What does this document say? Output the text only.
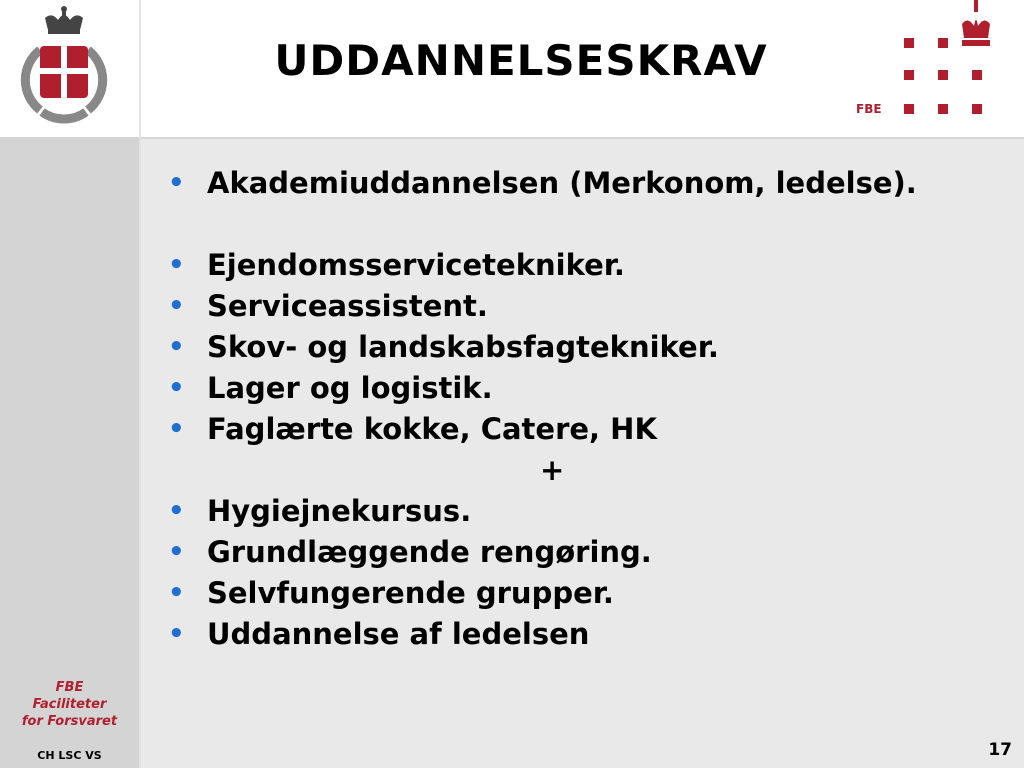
UDDANNELSESKRAV
FBE
• Akademiuddannelsen (Merkonom, ledelse).
• Ejendomsservicetekniker.
• Serviceassistent.
• Skov- og landskabsfagtekniker.
• Lager og logistik.
• Faglærte kokke, Catere, HK
+
• Hygiejnekursus.
• Grundlæggende rengøring.
• Selvfungerende grupper.
• Uddannelse af ledelsen
FBE
Faciliteter
for Forsvaret
CH LSC VS	17
